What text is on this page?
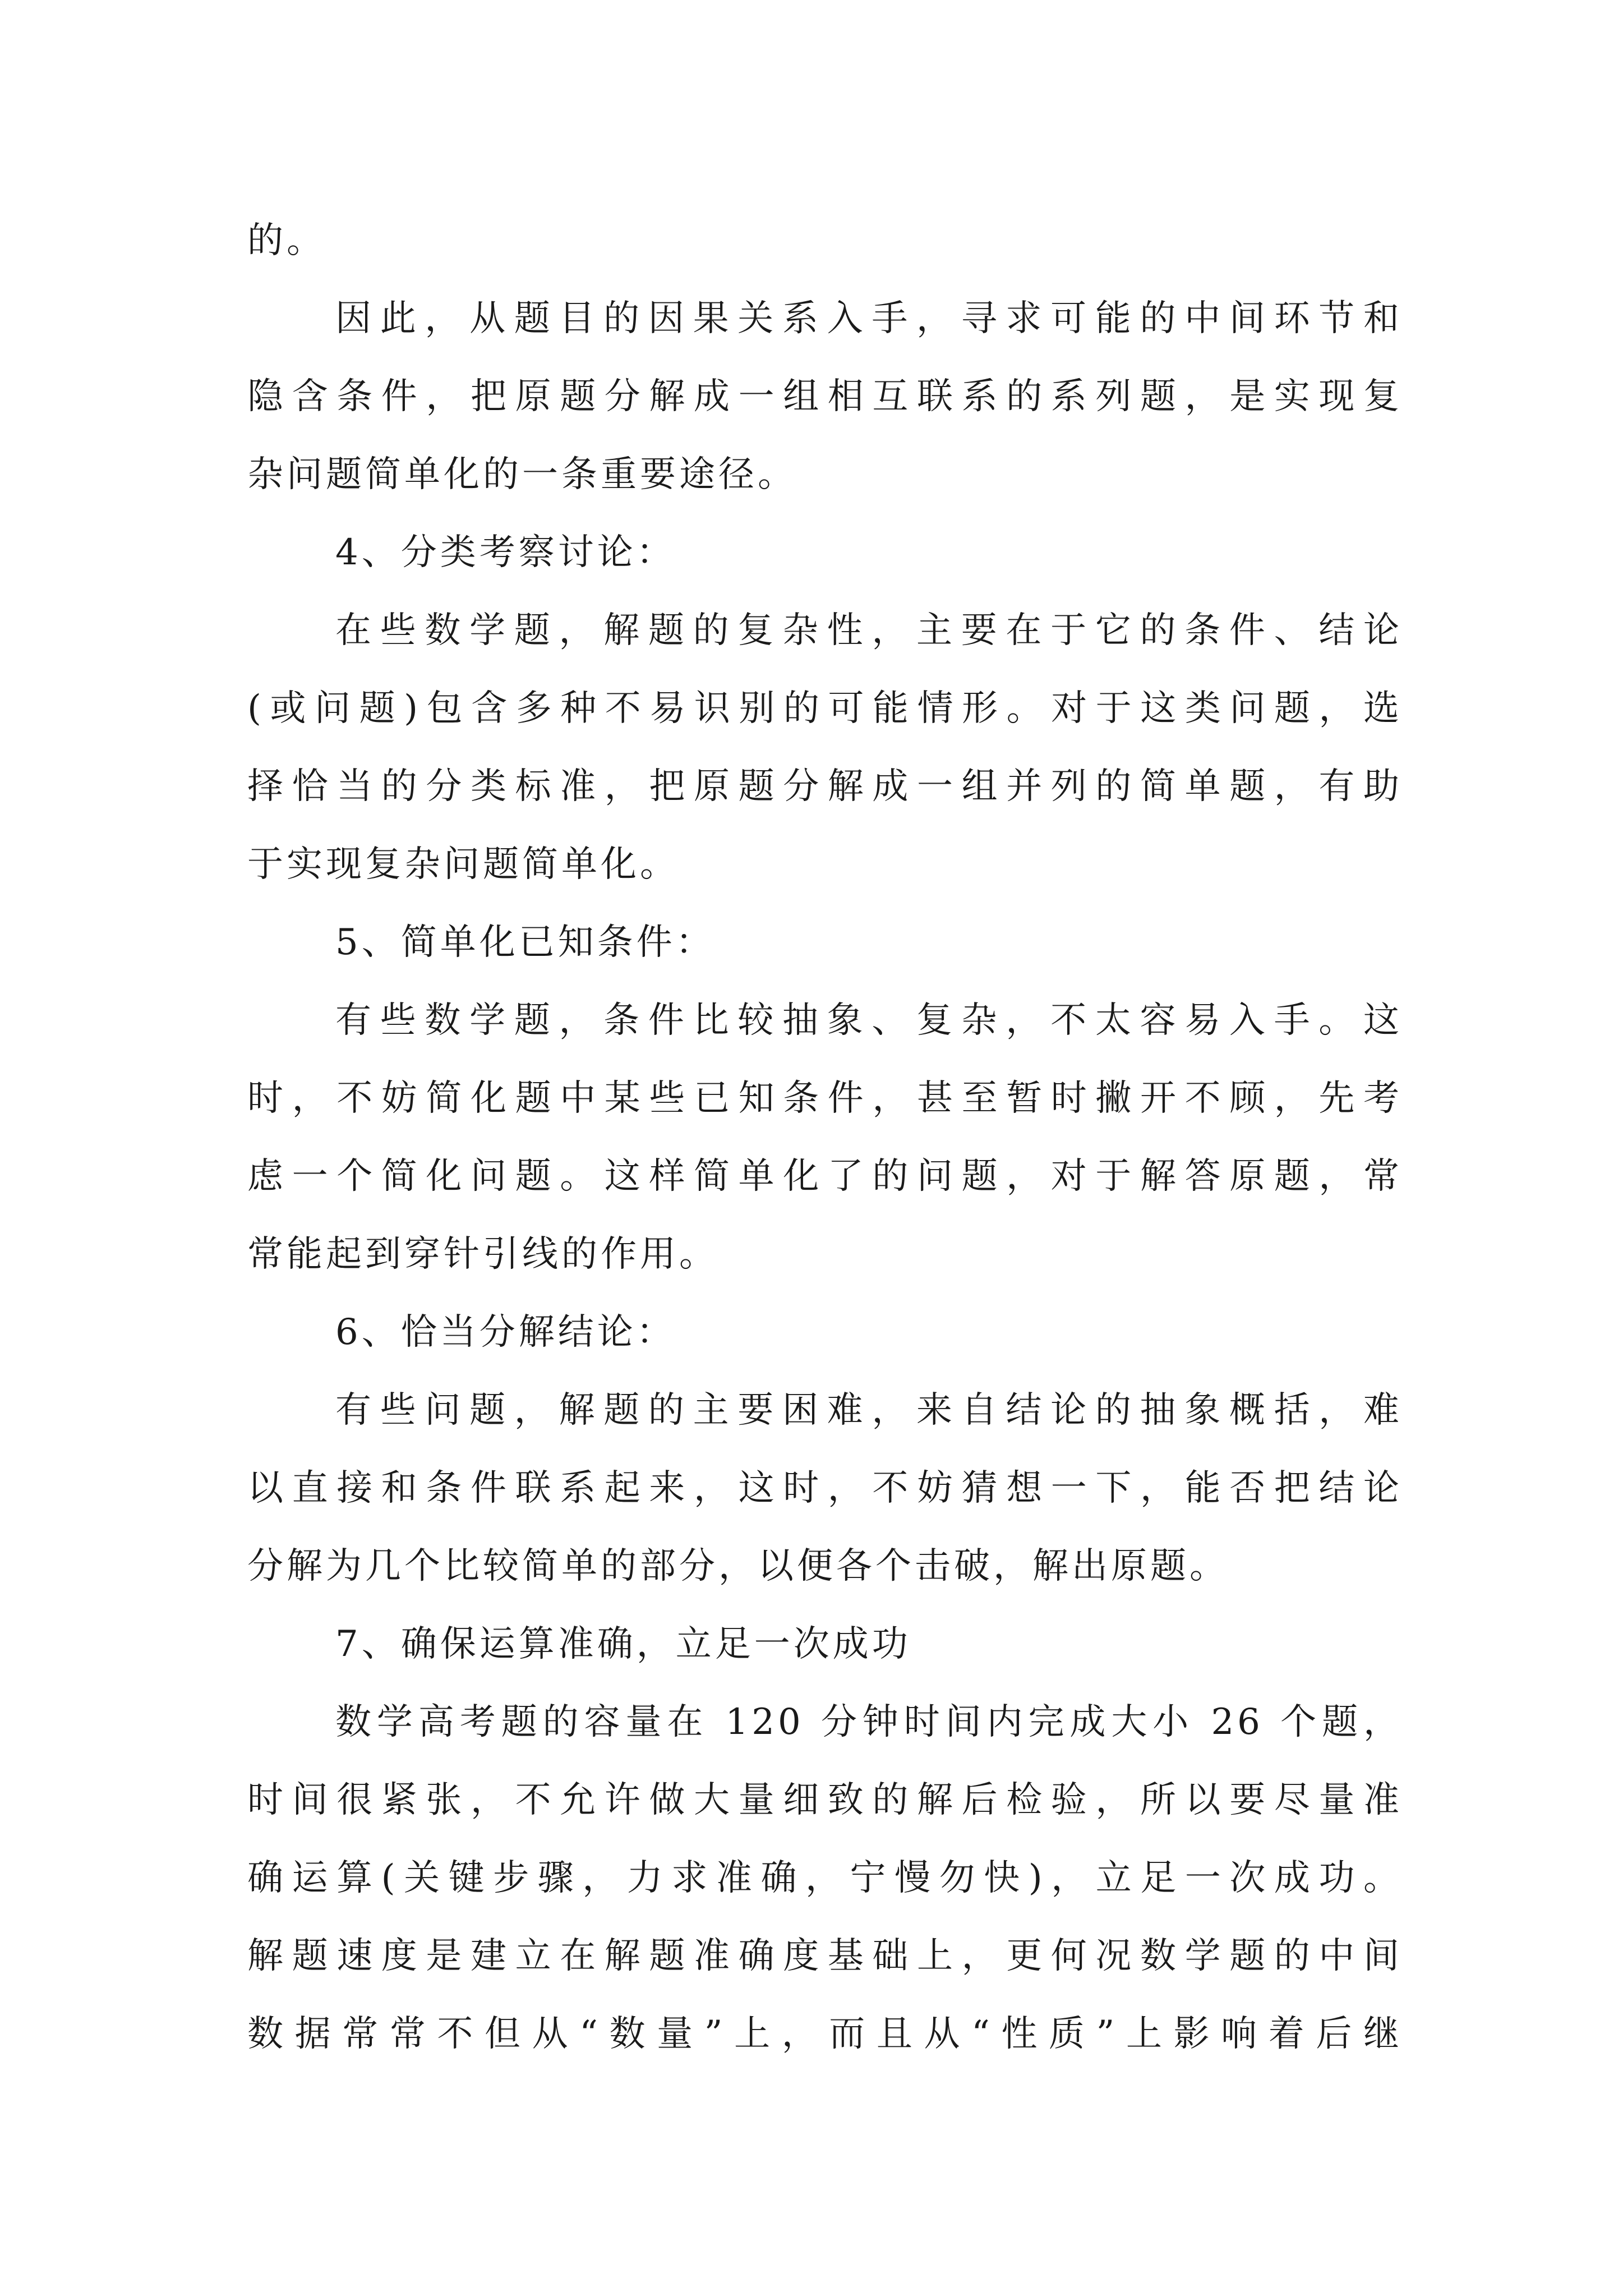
的。
因此，从题目的因果关系入手，寻求可能的中间环节和
隐含条件，把原题分解成一组相互联系的系列题，是实现复
杂问题简单化的一条重要途径。
4、分类考察讨论：
在些数学题，解题的复杂性，主要在于它的条件、结论
(或问题)包含多种不易识别的可能情形。对于这类问题，选
择恰当的分类标准，把原题分解成一组并列的简单题，有助
于实现复杂问题简单化。
5、简单化已知条件：
有些数学题，条件比较抽象、复杂，不太容易入手。这
时，不妨简化题中某些已知条件，甚至暂时撇开不顾，先考
虑一个简化问题。这样简单化了的问题，对于解答原题，常
常能起到穿针引线的作用。
6、恰当分解结论：
有些问题，解题的主要困难，来自结论的抽象概括，难
以直接和条件联系起来，这时，不妨猜想一下，能否把结论
分解为几个比较简单的部分，以便各个击破，解出原题。
7、确保运算准确，立足一次成功
数学高考题的容量在 120 分钟时间内完成大小 26 个题，
时间很紧张，不允许做大量细致的解后检验，所以要尽量准
确运算(关键步骤，力求准确，宁慢勿快)，立足一次成功。
解题速度是建立在解题准确度基础上，更何况数学题的中间
数据常常不但从“数量”上，而且从“性质”上影响着后继
